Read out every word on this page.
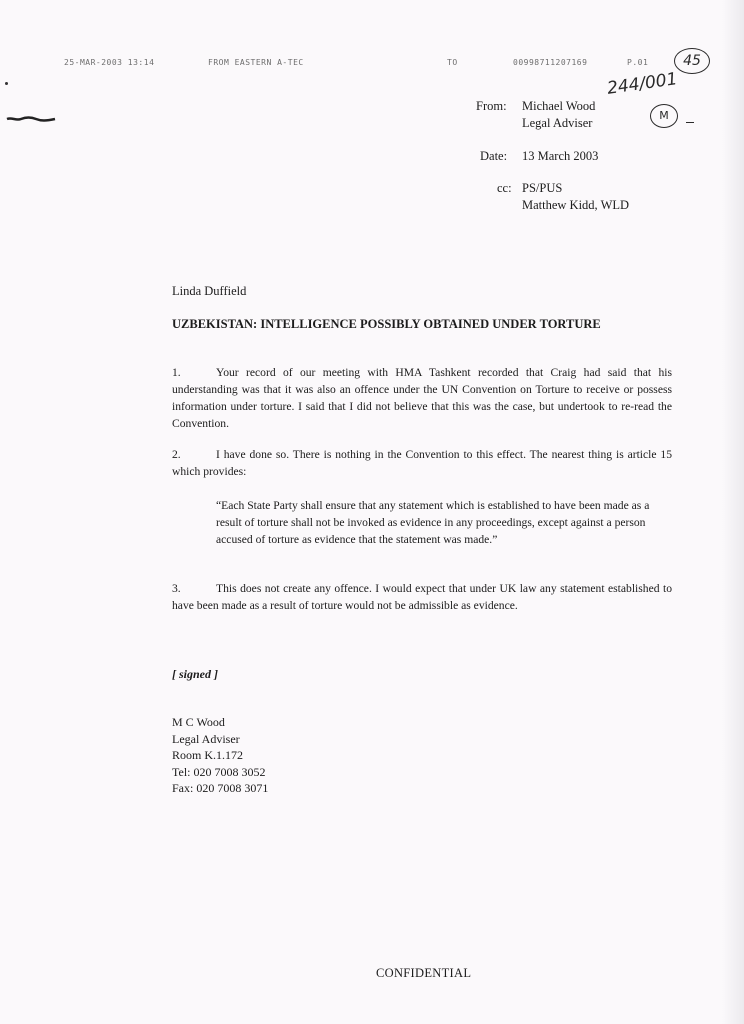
25-MAR-2003 13:14	FROM EASTERN A-TEC	TO	00998711207169	P.01	45
244/001
M
From: Michael Wood
Legal Adviser
Date: 13 March 2003
cc: PS/PUS
Matthew Kidd, WLD
Linda Duffield
UZBEKISTAN: INTELLIGENCE POSSIBLY OBTAINED UNDER TORTURE
1.	Your record of our meeting with HMA Tashkent recorded that Craig had said that his understanding was that it was also an offence under the UN Convention on Torture to receive or possess information under torture. I said that I did not believe that this was the case, but undertook to re-read the Convention.
2.	I have done so. There is nothing in the Convention to this effect. The nearest thing is article 15 which provides:
“Each State Party shall ensure that any statement which is established to have been made as a result of torture shall not be invoked as evidence in any proceedings, except against a person accused of torture as evidence that the statement was made.”
3.	This does not create any offence. I would expect that under UK law any statement established to have been made as a result of torture would not be admissible as evidence.
[ signed ]
M C Wood
Legal Adviser
Room K.1.172
Tel: 020 7008 3052
Fax: 020 7008 3071
CONFIDENTIAL
